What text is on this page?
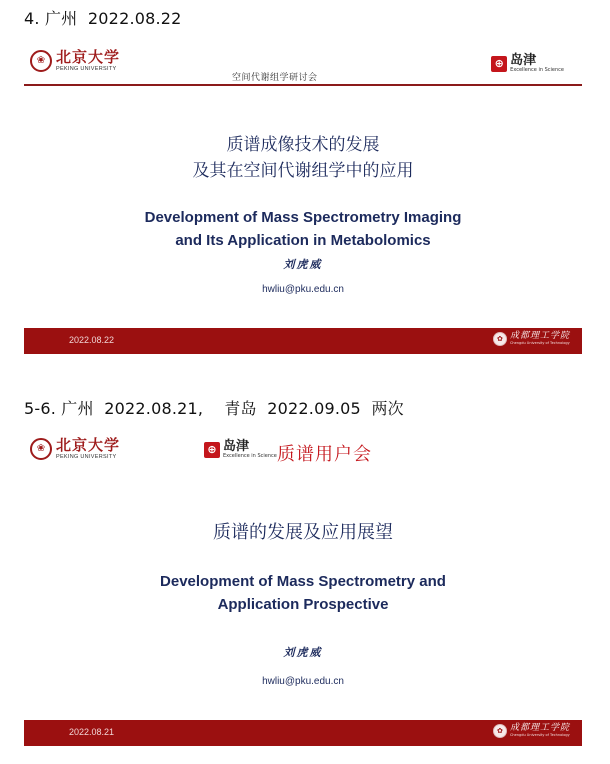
4. 广州  2022.08.22
❀ 北京大学
PEKING UNIVERSITY
空间代谢组学研讨会
⊕ 岛津
Excellence in Science
质谱成像技术的发展
及其在空间代谢组学中的应用
Development of Mass Spectrometry Imaging
and Its Application in Metabolomics
刘虎威
hwliu@pku.edu.cn
2022.08.22	✿ 成都理工学院
Chengdu University of Technology
5-6. 广州  2022.08.21,    青岛  2022.09.05  两次
❀ 北京大学
PEKING UNIVERSITY
⊕ 岛津
Excellence in Science 质谱用户会
质谱的发展及应用展望
Development of Mass Spectrometry and
Application Prospective
刘虎威
hwliu@pku.edu.cn
2022.08.21	✿ 成都理工学院
Chengdu University of Technology
